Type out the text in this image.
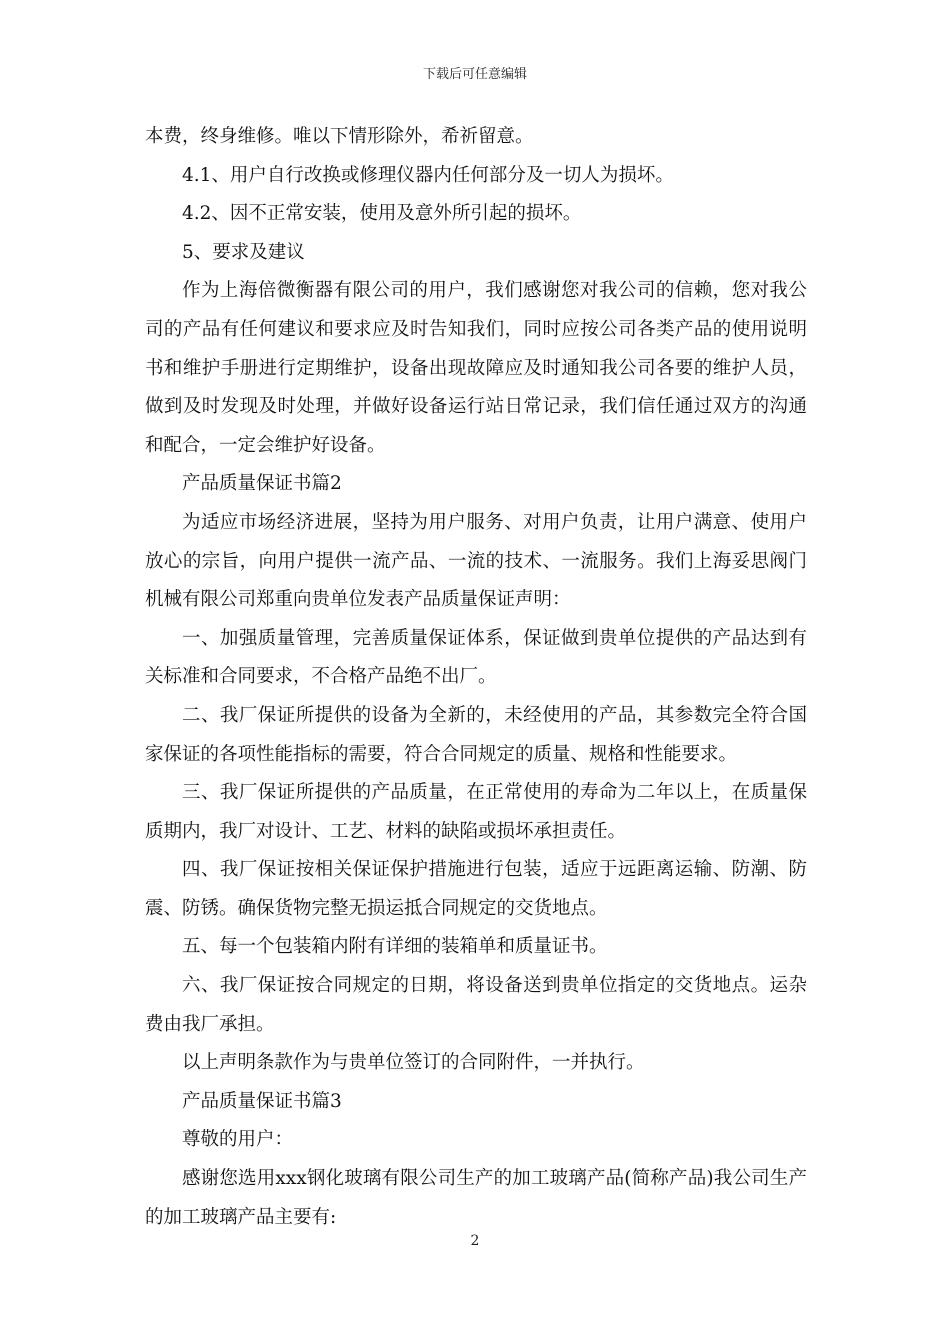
下载后可任意编辑

本费，终身维修。唯以下情形除外，希祈留意。

4.1、用户自行改换或修理仪器内任何部分及一切人为损坏。

4.2、因不正常安装，使用及意外所引起的损坏。

5、要求及建议

作为上海倍微衡器有限公司的用户，我们感谢您对我公司的信赖，您对我公司的产品有任何建议和要求应及时告知我们，同时应按公司各类产品的使用说明书和维护手册进行定期维护，设备出现故障应及时通知我公司各要的维护人员，做到及时发现及时处理，并做好设备运行站日常记录，我们信任通过双方的沟通和配合，一定会维护好设备。

产品质量保证书篇2

为适应市场经济进展，坚持为用户服务、对用户负责，让用户满意、使用户放心的宗旨，向用户提供一流产品、一流的技术、一流服务。我们上海妥思阀门机械有限公司郑重向贵单位发表产品质量保证声明：

一、加强质量管理，完善质量保证体系，保证做到贵单位提供的产品达到有关标准和合同要求，不合格产品绝不出厂。

二、我厂保证所提供的设备为全新的，未经使用的产品，其参数完全符合国家保证的各项性能指标的需要，符合合同规定的质量、规格和性能要求。

三、我厂保证所提供的产品质量，在正常使用的寿命为二年以上，在质量保质期内，我厂对设计、工艺、材料的缺陷或损坏承担责任。

四、我厂保证按相关保证保护措施进行包装，适应于远距离运输、防潮、防震、防锈。确保货物完整无损运抵合同规定的交货地点。

五、每一个包装箱内附有详细的装箱单和质量证书。

六、我厂保证按合同规定的日期，将设备送到贵单位指定的交货地点。运杂费由我厂承担。

以上声明条款作为与贵单位签订的合同附件，一并执行。

产品质量保证书篇3

尊敬的用户：

感谢您选用xxx钢化玻璃有限公司生产的加工玻璃产品(简称产品)我公司生产的加工玻璃产品主要有:

2
